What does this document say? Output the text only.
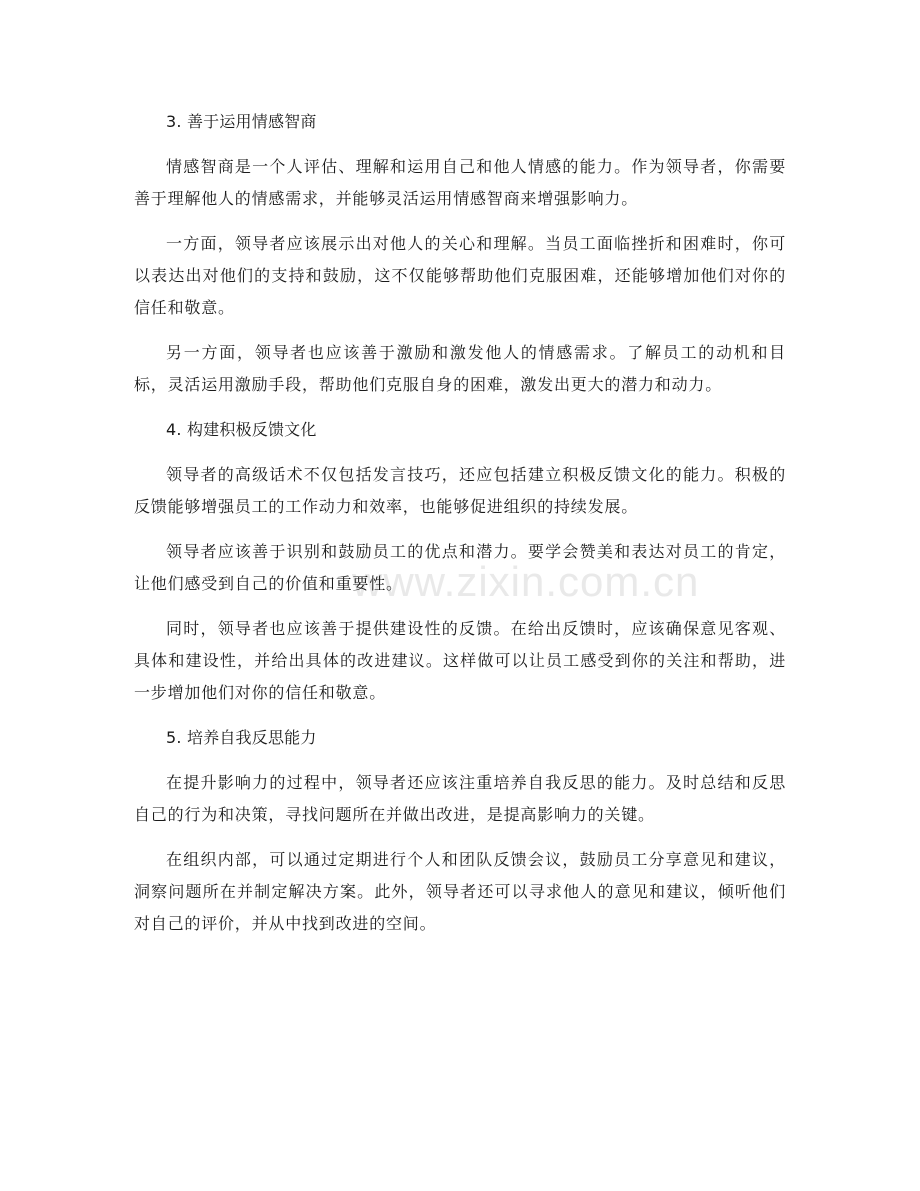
www.zixin.com.cn
3. 善于运用情感智商
情感智商是一个人评估、理解和运用自己和他人情感的能力。作为领导者，你需要善于理解他人的情感需求，并能够灵活运用情感智商来增强影响力。
一方面，领导者应该展示出对他人的关心和理解。当员工面临挫折和困难时，你可以表达出对他们的支持和鼓励，这不仅能够帮助他们克服困难，还能够增加他们对你的信任和敬意。
另一方面，领导者也应该善于激励和激发他人的情感需求。了解员工的动机和目标，灵活运用激励手段，帮助他们克服自身的困难，激发出更大的潜力和动力。
4. 构建积极反馈文化
领导者的高级话术不仅包括发言技巧，还应包括建立积极反馈文化的能力。积极的反馈能够增强员工的工作动力和效率，也能够促进组织的持续发展。
领导者应该善于识别和鼓励员工的优点和潜力。要学会赞美和表达对员工的肯定，让他们感受到自己的价值和重要性。
同时，领导者也应该善于提供建设性的反馈。在给出反馈时，应该确保意见客观、具体和建设性，并给出具体的改进建议。这样做可以让员工感受到你的关注和帮助，进一步增加他们对你的信任和敬意。
5. 培养自我反思能力
在提升影响力的过程中，领导者还应该注重培养自我反思的能力。及时总结和反思自己的行为和决策，寻找问题所在并做出改进，是提高影响力的关键。
在组织内部，可以通过定期进行个人和团队反馈会议，鼓励员工分享意见和建议，洞察问题所在并制定解决方案。此外，领导者还可以寻求他人的意见和建议，倾听他们对自己的评价，并从中找到改进的空间。
